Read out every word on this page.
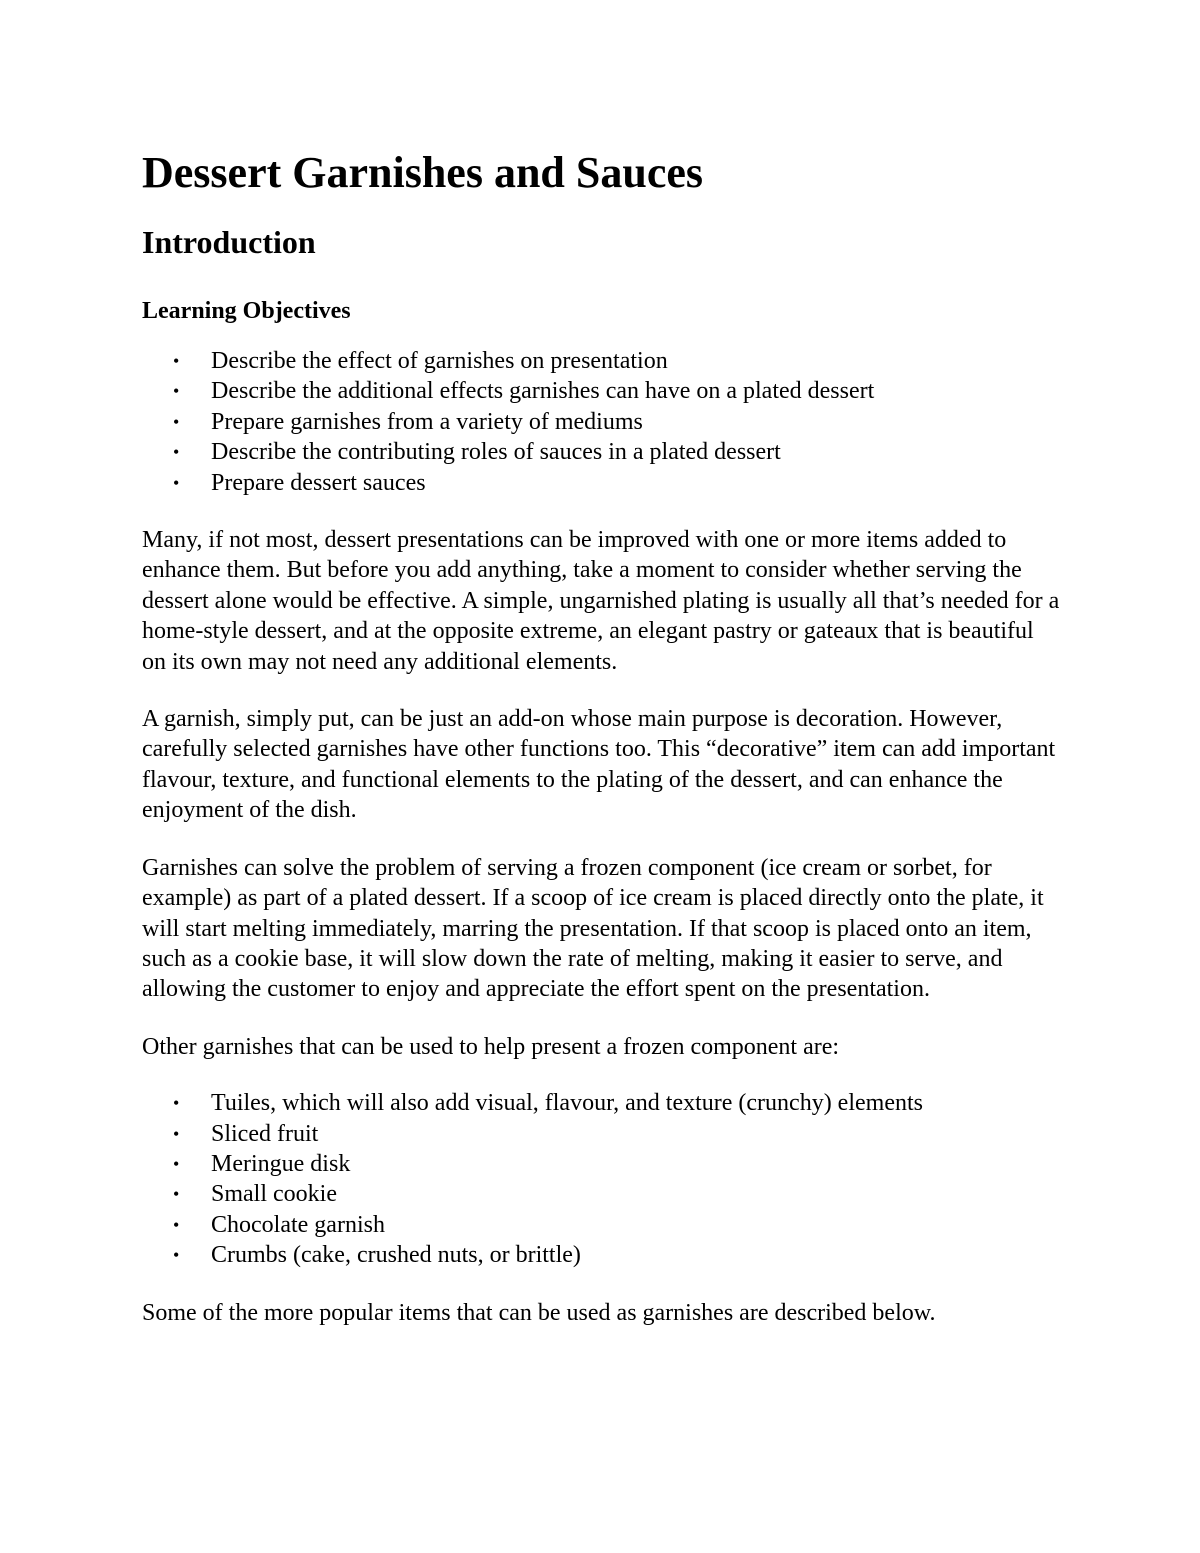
Dessert Garnishes and Sauces
Introduction
Learning Objectives
• Describe the effect of garnishes on presentation
• Describe the additional effects garnishes can have on a plated dessert
• Prepare garnishes from a variety of mediums
• Describe the contributing roles of sauces in a plated dessert
• Prepare dessert sauces

Many, if not most, dessert presentations can be improved with one or more items added to enhance them. But before you add anything, take a moment to consider whether serving the dessert alone would be effective. A simple, ungarnished plating is usually all that’s needed for a home-style dessert, and at the opposite extreme, an elegant pastry or gateaux that is beautiful on its own may not need any additional elements.

A garnish, simply put, can be just an add-on whose main purpose is decoration. However, carefully selected garnishes have other functions too. This “decorative” item can add important flavour, texture, and functional elements to the plating of the dessert, and can enhance the enjoyment of the dish.

Garnishes can solve the problem of serving a frozen component (ice cream or sorbet, for example) as part of a plated dessert. If a scoop of ice cream is placed directly onto the plate, it will start melting immediately, marring the presentation. If that scoop is placed onto an item, such as a cookie base, it will slow down the rate of melting, making it easier to serve, and allowing the customer to enjoy and appreciate the effort spent on the presentation.

Other garnishes that can be used to help present a frozen component are:

• Tuiles, which will also add visual, flavour, and texture (crunchy) elements
• Sliced fruit
• Meringue disk
• Small cookie
• Chocolate garnish
• Crumbs (cake, crushed nuts, or brittle)

Some of the more popular items that can be used as garnishes are described below.
